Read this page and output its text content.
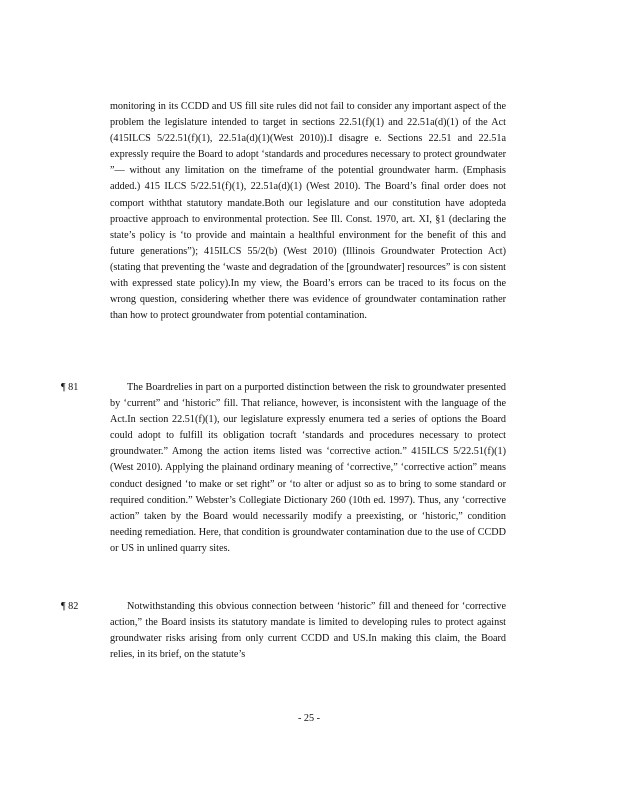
monitoring in its CCDD and US fill site rules did not fail to consider any important aspect of the problem the legislature intended to target in sections 22.51(f)(1) and 22.51a(d)(1) of the Act (415ILCS 5/22.51(f)(1), 22.51a(d)(1)(West 2010)).I disagre e. Sections 22.51 and 22.51a expressly require the Board to adopt ‘standards and procedures necessary to protect groundwater ”— without any limitation on the timeframe of the potential groundwater harm. (Emphasis added.) 415 ILCS 5/22.51(f)(1), 22.51a(d)(1) (West 2010). The Board’s final order does not comport withthat statutory mandate.Both our legislature and our constitution have adopteda proactive approach to environmental protection. See Ill. Const. 1970, art. XI, §1 (declaring the state’s policy is ‘to provide and maintain a healthful environment for the benefit of this and future generations”); 415ILCS 55/2(b) (West 2010) (Illinois Groundwater Protection Act) (stating that preventing the ‘waste and degradation of the [groundwater] resources” is con sistent with expressed state policy).In my view, the Board’s errors can be traced to its focus on the wrong question, considering whether there was evidence of groundwater contamination rather than how to protect groundwater from potential contamination.

¶ 81	The Boardrelies in part on a purported distinction between the risk to groundwater presented by ‘current” and ‘historic” fill. That reliance, however, is inconsistent with the language of the Act.In section 22.51(f)(1), our legislature expressly enumera ted a series of options the Board could adopt to fulfill its obligation tocraft ‘standards and procedures necessary to protect groundwater.” Among the action items listed was ‘corrective action.” 415ILCS 5/22.51(f)(1) (West 2010). Applying the plainand ordinary meaning of ‘corrective,” ‘corrective action” means conduct designed ‘to make or set right” or ‘to alter or adjust so as to bring to some standard or required condition.” Webster’s Collegiate Dictionary 260 (10th ed. 1997). Thus, any ‘corrective action” taken by the Board would necessarily modify a preexisting, or ‘historic,” condition needing remediation. Here, that condition is groundwater contamination due to the use of CCDD or US in unlined quarry sites.

¶ 82	Notwithstanding this obvious connection between ‘historic” fill and theneed for ‘corrective action,” the Board insists its statutory mandate is limited to developing rules to protect against groundwater risks arising from only current CCDD and US.In making this claim, the Board relies, in its brief, on the statute’s

- 25 -
